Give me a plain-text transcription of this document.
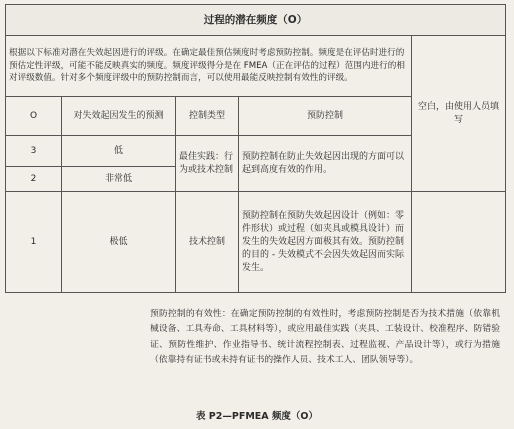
过程的潜在频度（O）					
根据以下标准对潜在失效起因进行的评级。在确定最佳预估频度时考虑预防控制。频度是在评估时进行的预估定性评级，可能不能反映真实的频度。频度评级得分是在 FMEA（正在评估的过程）范围内进行的相对评级数值。针对多个频度评级中的预防控制而言，可以使用最能反映控制有效性的评级。				空白，由使用人员填写	
O	对失效起因发生的预测	控制类型	预防控制		
3	低	最佳实践：行为或技术控制	预防控制在防止失效起因出现的方面可以起到高度有效的作用。		
2	非常低				
1	极低	技术控制	预防控制在预防失效起因设计（例如：零件形状）或过程（如夹具或模具设计）而发生的失效起因方面极其有效。预防控制的目的 - 失效模式不会因失效起因而实际发生。		
预防控制的有效性：在确定预防控制的有效性时，考虑预防控制是否为技术措施（依靠机械设备、工具寿命、工具材料等），或应用最佳实践（夹具、工装设计、校准程序、防错验证、预防性维护、作业指导书、统计流程控制表、过程监视、产品设计等），或行为措施（依靠持有证书或未持有证书的操作人员、技术工人、团队领导等）。
表 P2—PFMEA 频度（O）
